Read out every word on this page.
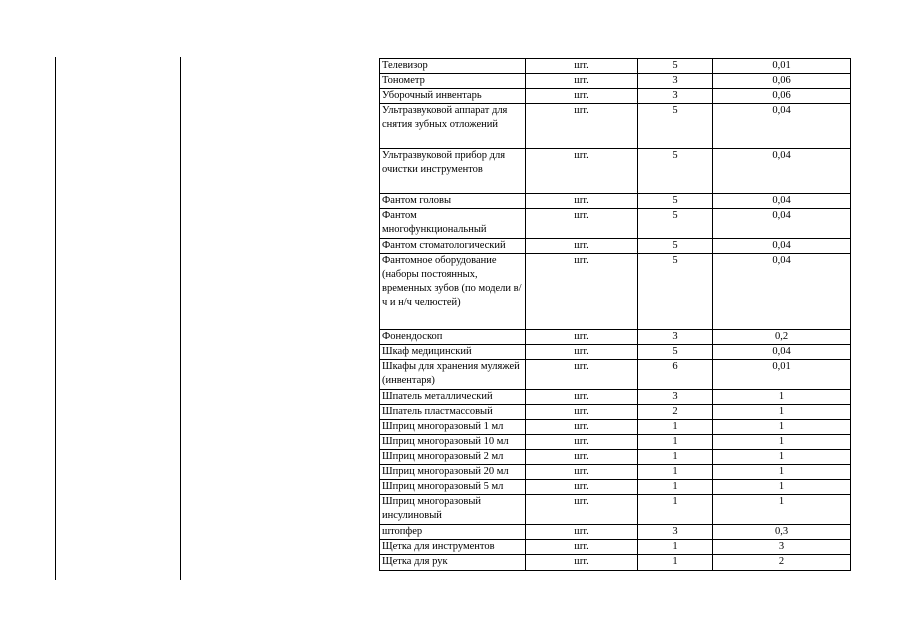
Телевизор	шт.	5	0,01
Тонометр	шт.	3	0,06
Уборочный инвентарь	шт.	3	0,06
Ультразвуковой аппарат для снятия зубных отложений	шт.	5	0,04
Ультразвуковой прибор для очистки инструментов	шт.	5	0,04
Фантом головы	шт.	5	0,04
Фантом многофункциональный	шт.	5	0,04
Фантом стоматологический	шт.	5	0,04
Фантомное оборудование (наборы постоянных, временных зубов (по модели в/ч и н/ч челюстей)	шт.	5	0,04
Фонендоскоп	шт.	3	0,2
Шкаф медицинский	шт.	5	0,04
Шкафы для хранения муляжей (инвентаря)	шт.	6	0,01
Шпатель металлический	шт.	3	1
Шпатель пластмассовый	шт.	2	1
Шприц многоразовый 1 мл	шт.	1	1
Шприц многоразовый 10 мл	шт.	1	1
Шприц многоразовый 2 мл	шт.	1	1
Шприц многоразовый 20 мл	шт.	1	1
Шприц многоразовый 5 мл	шт.	1	1
Шприц многоразовый инсулиновый	шт.	1	1
штопфер	шт.	3	0,3
Щетка для инструментов	шт.	1	3
Щетка для рук	шт.	1	2
